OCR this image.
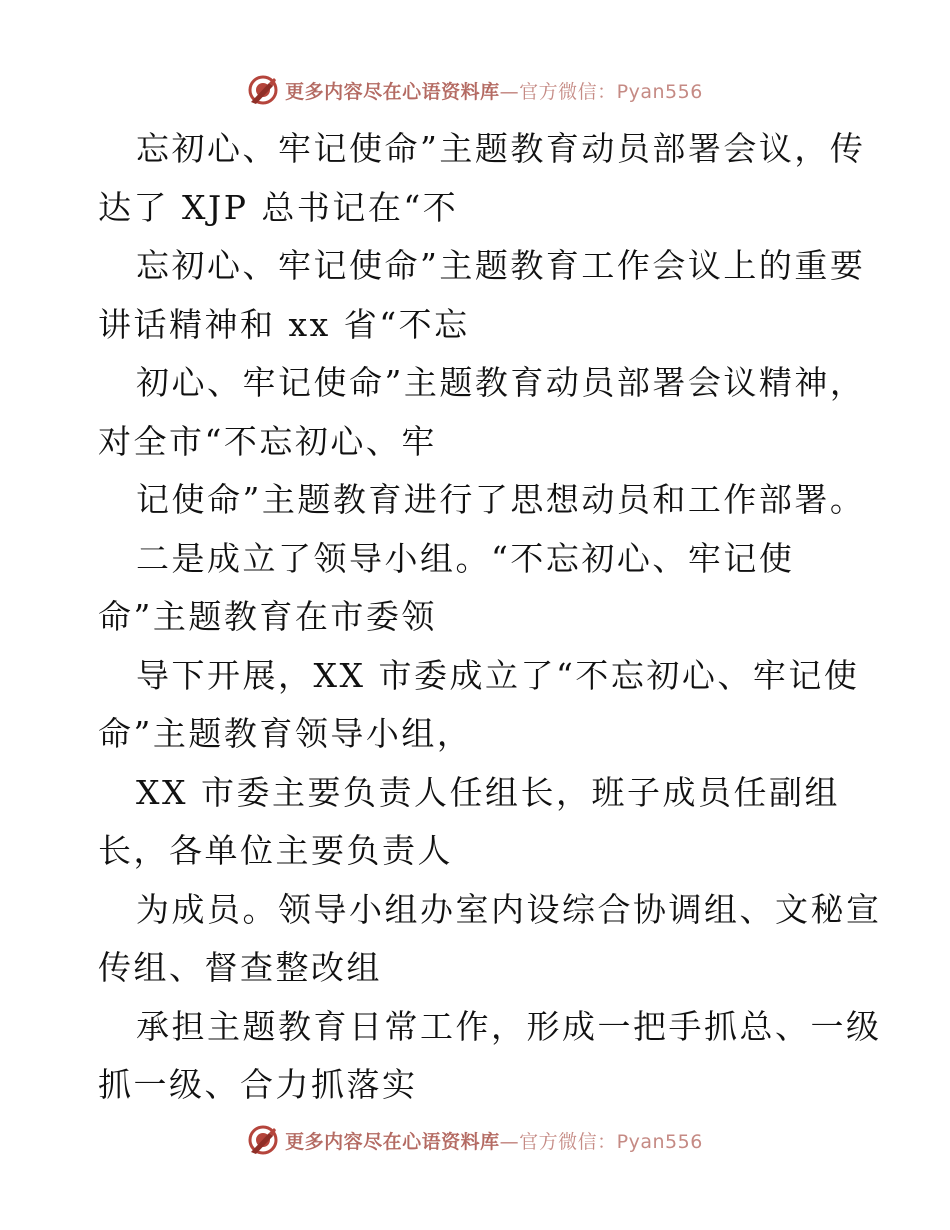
更多内容尽在心语资料库—官方微信：Pyan556
忘初心、牢记使命”主题教育动员部署会议，传
达了 XJP 总书记在“不
忘初心、牢记使命”主题教育工作会议上的重要
讲话精神和 xx 省“不忘
初心、牢记使命”主题教育动员部署会议精神，
对全市“不忘初心、牢
记使命”主题教育进行了思想动员和工作部署。
二是成立了领导小组。“不忘初心、牢记使
命”主题教育在市委领
导下开展，XX 市委成立了“不忘初心、牢记使
命”主题教育领导小组，
XX 市委主要负责人任组长，班子成员任副组
长，各单位主要负责人
为成员。领导小组办室内设综合协调组、文秘宣
传组、督查整改组
承担主题教育日常工作，形成一把手抓总、一级
抓一级、合力抓落实
更多内容尽在心语资料库—官方微信：Pyan556
